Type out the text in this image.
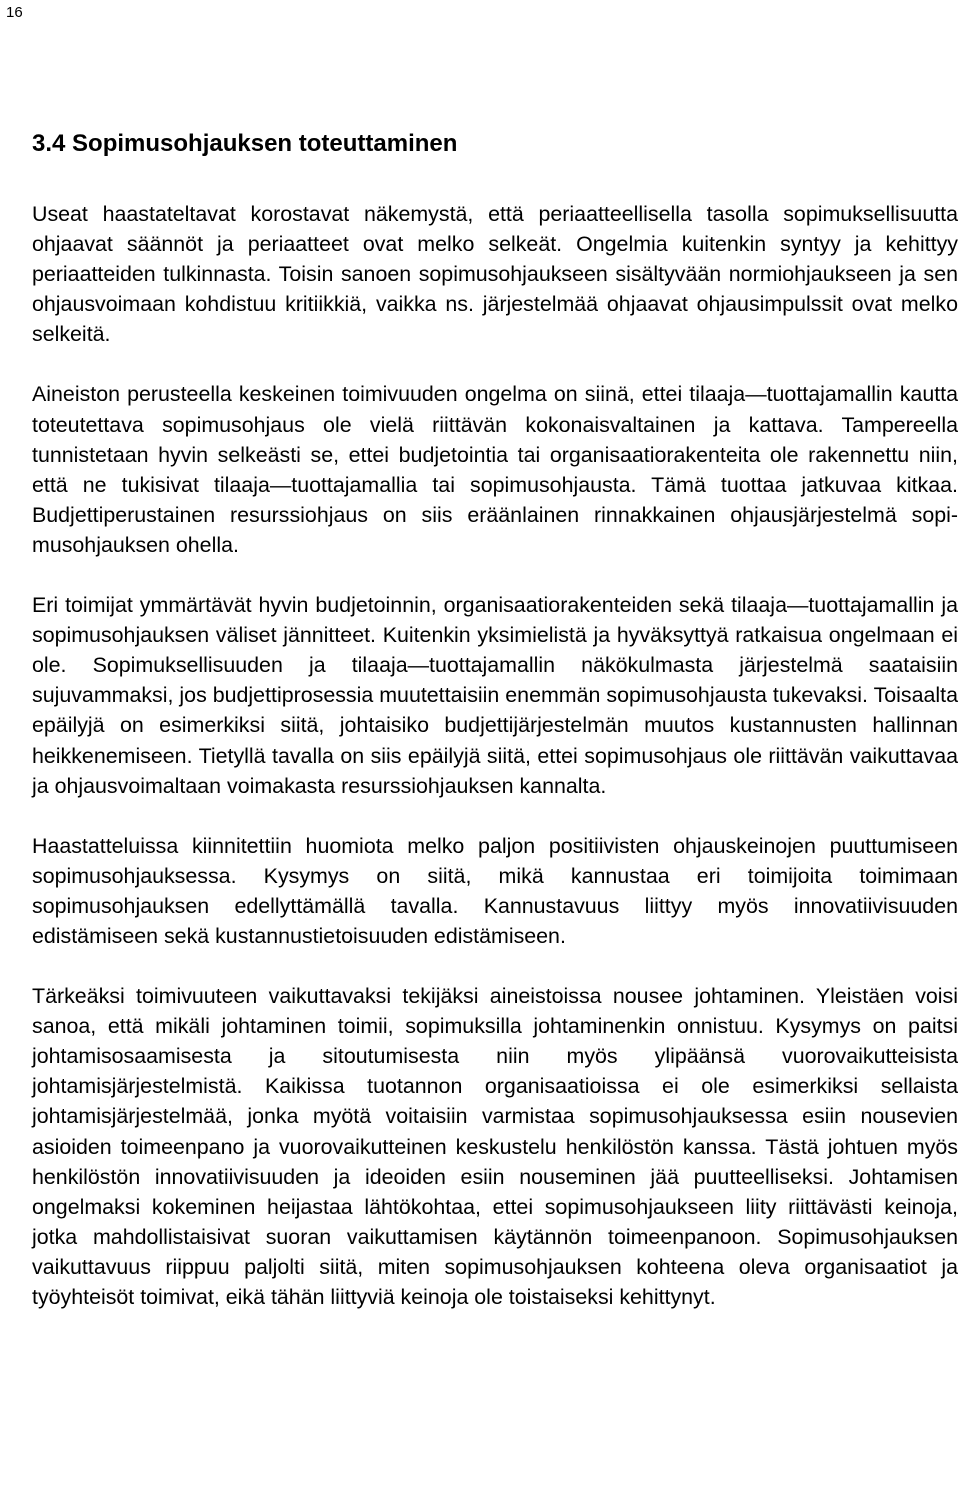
16
3.4 Sopimusohjauksen toteuttaminen

Useat haastateltavat korostavat näkemystä, että periaatteellisella tasolla sopimuksellisuutta ohjaavat säännöt ja periaatteet ovat melko selkeät. Ongelmia kuitenkin syntyy ja kehittyy periaatteiden tulkinnasta. Toisin sanoen sopimusohjaukseen sisältyvään normiohjaukseen ja sen ohjausvoimaan kohdistuu kritiikkiä, vaikka ns. järjestelmää ohjaavat ohjausimpulssit ovat melko selkeitä.

Aineiston perusteella keskeinen toimivuuden ongelma on siinä, ettei tilaaja—tuottajamallin kautta toteutettava sopimusohjaus ole vielä riittävän kokonaisvaltainen ja kattava. Tampereella tunnistetaan hyvin selkeästi se, ettei budjetointia tai organisaatiorakenteita ole rakennettu niin, että ne tukisivat tilaaja—tuottajamallia tai sopimusohjausta. Tämä tuottaa jatkuvaa kitkaa. Budjettiperustainen resurssiohjaus on siis eräänlainen rinnakkainen ohjausjärjestelmä sopimusohjauksen ohella.

Eri toimijat ymmärtävät hyvin budjetoinnin, organisaatiorakenteiden sekä tilaaja—tuottajamallin ja sopimusohjauksen väliset jännitteet. Kuitenkin yksimielistä ja hyväksyttyä ratkaisua ongelmaan ei ole. Sopimuksellisuuden ja tilaaja—tuottajamallin näkökulmasta järjestelmä saataisiin sujuvammaksi, jos budjettiprosessia muutettaisiin enemmän sopimusohjausta tukevaksi. Toisaalta epäilyjä on esimerkiksi siitä, johtaisiko budjettijärjestelmän muutos kustannusten hallinnan heikkenemiseen. Tietyllä tavalla on siis epäilyjä siitä, ettei sopimusohjaus ole riittävän vaikuttavaa ja ohjausvoimaltaan voimakasta resurssiohjauksen kannalta.

Haastatteluissa kiinnitettiin huomiota melko paljon positiivisten ohjauskeinojen puuttumiseen sopimusohjauksessa. Kysymys on siitä, mikä kannustaa eri toimijoita toimimaan sopimusohjauksen edellyttämällä tavalla. Kannustavuus liittyy myös innovatiivisuuden edistämiseen sekä kustannustietoisuuden edistämiseen.

Tärkeäksi toimivuuteen vaikuttavaksi tekijäksi aineistoissa nousee johtaminen. Yleistäen voisi sanoa, että mikäli johtaminen toimii, sopimuksilla johtaminenkin onnistuu. Kysymys on paitsi johtamisosaamisesta ja sitoutumisesta niin myös ylipäänsä vuorovaikutteisista johtamisjärjestelmistä. Kaikissa tuotannon organisaatioissa ei ole esimerkiksi sellaista johtamisjärjestelmää, jonka myötä voitaisiin varmistaa sopimusohjauksessa esiin nousevien asioiden toimeenpano ja vuorovaikutteinen keskustelu henkilöstön kanssa. Tästä johtuen myös henkilöstön innovatiivisuuden ja ideoiden esiin nouseminen jää puutteelliseksi. Johtamisen ongelmaksi kokeminen heijastaa lähtökohtaa, ettei sopimusohjaukseen liity riittävästi keinoja, jotka mahdollistaisivat suoran vaikuttamisen käytännön toimeenpanoon. Sopimusohjauksen vaikuttavuus riippuu paljolti siitä, miten sopimusohjauksen kohteena oleva organisaatiot ja työyhteisöt toimivat, eikä tähän liittyviä keinoja ole toistaiseksi kehittynyt.
